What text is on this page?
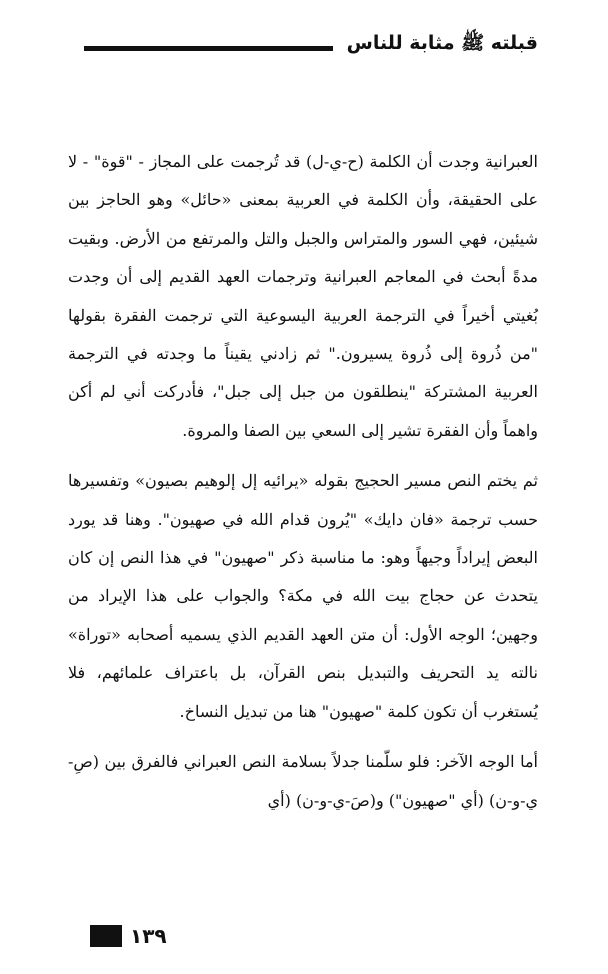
قبلته ﷺ مثابة للناس

العبرانية وجدت أن الكلمة (ح-ي-ل) قد تُرجمت على المجاز - "قوة" - لا على الحقيقة، وأن الكلمة في العربية بمعنى «حائل» وهو الحاجز بين شيئين، فهي السور والمتراس والجبل والتل والمرتفع من الأرض. وبقيت مدةً أبحث في المعاجم العبرانية وترجمات العهد القديم إلى أن وجدت بُغيتي أخيراً في الترجمة العربية اليسوعية التي ترجمت الفقرة بقولها "من ذُروة إلى ذُروة يسيرون." ثم زادني يقيناً ما وجدته في الترجمة العربية المشتركة "ينطلقون من جبل إلى جبل"، فأدركت أني لم أكن واهماً وأن الفقرة تشير إلى السعي بين الصفا والمروة.

ثم يختم النص مسير الحجيج بقوله «يرائيه إل إلوهيم بصيون» وتفسيرها حسب ترجمة «فان دايك» "يُرون قدام الله في صهيون". وهنا قد يورد البعض إيراداً وجيهاً وهو: ما مناسبة ذكر "صهيون" في هذا النص إن كان يتحدث عن حجاج بيت الله في مكة؟ والجواب على هذا الإيراد من وجهين؛ الوجه الأول: أن متن العهد القديم الذي يسميه أصحابه «توراة» نالته يد التحريف والتبديل بنص القرآن، بل باعتراف علمائهم، فلا يُستغرب أن تكون كلمة "صهيون" هنا من تبديل النساخ.

أما الوجه الآخر: فلو سلّمنا جدلاً بسلامة النص العبراني فالفرق بين (صِ-ي-و-ن) (أي "صهيون") و(صَ-ي-و-ن) (أي

١٣٩
